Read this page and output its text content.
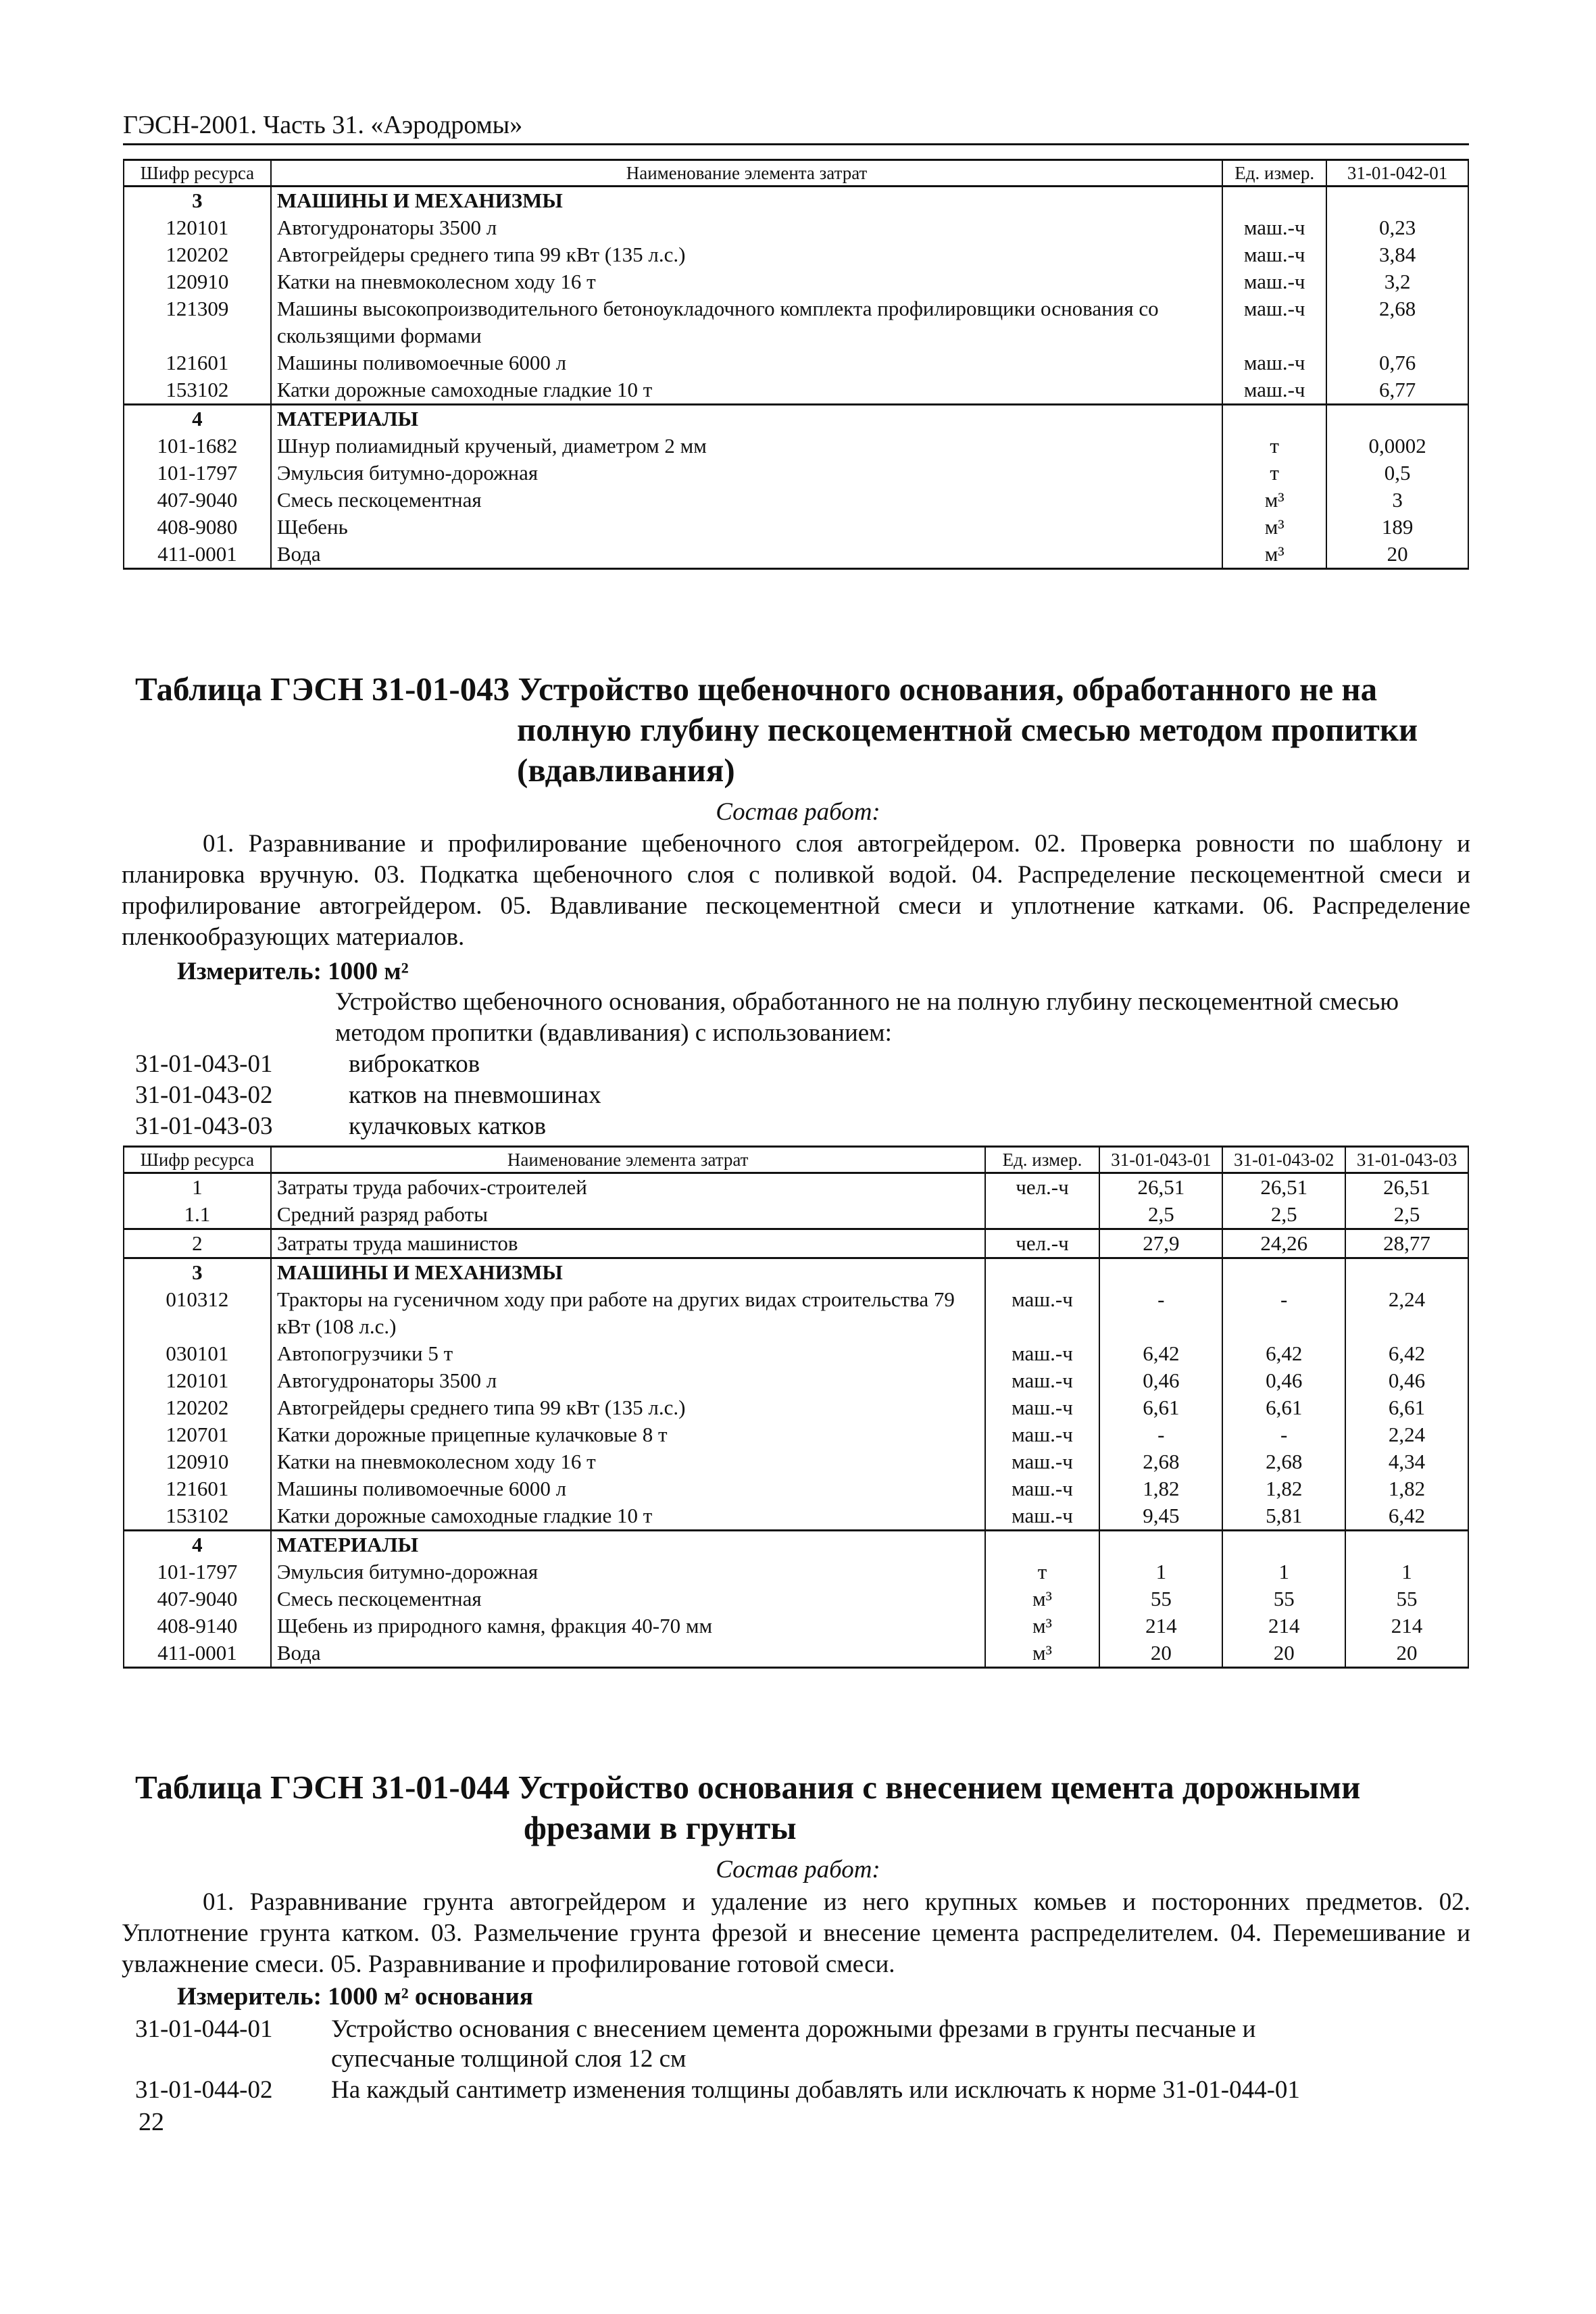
ГЭСН-2001. Часть 31. «Аэродромы»
Шифр ресурса	Наименование элемента затрат	Ед. измер.	31-01-042-01
3	МАШИНЫ И МЕХАНИЗМЫ		
120101	Автогудронаторы 3500 л	маш.-ч	0,23
120202	Автогрейдеры среднего типа 99 кВт (135 л.с.)	маш.-ч	3,84
120910	Катки на пневмоколесном ходу 16 т	маш.-ч	3,2
121309	Машины высокопроизводительного бетоноукладочного комплекта профилировщики основания со скользящими формами	маш.-ч	2,68
121601	Машины поливомоечные 6000 л	маш.-ч	0,76
153102	Катки дорожные самоходные гладкие 10 т	маш.-ч	6,77
4	МАТЕРИАЛЫ		
101-1682	Шнур полиамидный крученый, диаметром 2 мм	т	0,0002
101-1797	Эмульсия битумно-дорожная	т	0,5
407-9040	Смесь пескоцементная	м³	3
408-9080	Щебень	м³	189
411-0001	Вода	м³	20
Таблица ГЭСН 31-01-043 Устройство щебеночного основания, обработанного не на
полную глубину пескоцементной смесью методом пропитки
(вдавливания)
Состав работ:
01. Разравнивание и профилирование щебеночного слоя автогрейдером. 02. Проверка ровности по шаблону и планировка вручную. 03. Подкатка щебеночного слоя с поливкой водой. 04. Распределение пескоцементной смеси и профилирование автогрейдером. 05. Вдавливание пескоцементной смеси и уплотнение катками. 06. Распределение пленкообразующих материалов.
Измеритель: 1000 м²
Устройство щебеночного основания, обработанного не на полную глубину пескоцементной смесью методом пропитки (вдавливания) с использованием:
31-01-043-01	виброкатков
31-01-043-02	катков на пневмошинах
31-01-043-03	кулачковых катков
Шифр ресурса	Наименование элемента затрат	Ед. измер.	31-01-043-01	31-01-043-02	31-01-043-03
1	Затраты труда рабочих-строителей	чел.-ч	26,51	26,51	26,51
1.1	Средний разряд работы		2,5	2,5	2,5
2	Затраты труда машинистов	чел.-ч	27,9	24,26	28,77
3	МАШИНЫ И МЕХАНИЗМЫ				
010312	Тракторы на гусеничном ходу при работе на других видах строительства 79 кВт (108 л.с.)	маш.-ч	-	-	2,24
030101	Автопогрузчики 5 т	маш.-ч	6,42	6,42	6,42
120101	Автогудронаторы 3500 л	маш.-ч	0,46	0,46	0,46
120202	Автогрейдеры среднего типа 99 кВт (135 л.с.)	маш.-ч	6,61	6,61	6,61
120701	Катки дорожные прицепные кулачковые 8 т	маш.-ч	-	-	2,24
120910	Катки на пневмоколесном ходу 16 т	маш.-ч	2,68	2,68	4,34
121601	Машины поливомоечные 6000 л	маш.-ч	1,82	1,82	1,82
153102	Катки дорожные самоходные гладкие 10 т	маш.-ч	9,45	5,81	6,42
4	МАТЕРИАЛЫ				
101-1797	Эмульсия битумно-дорожная	т	1	1	1
407-9040	Смесь пескоцементная	м³	55	55	55
408-9140	Щебень из природного камня, фракция 40-70 мм	м³	214	214	214
411-0001	Вода	м³	20	20	20
Таблица ГЭСН 31-01-044 Устройство основания с внесением цемента дорожными
фрезами в грунты
Состав работ:
01. Разравнивание грунта автогрейдером и удаление из него крупных комьев и посторонних предметов. 02. Уплотнение грунта катком. 03. Размельчение грунта фрезой и внесение цемента распределителем. 04. Перемешивание и увлажнение смеси. 05. Разравнивание и профилирование готовой смеси.
Измеритель: 1000 м² основания
31-01-044-01 Устройство основания с внесением цемента дорожными фрезами в грунты песчаные и
супесчаные толщиной слоя 12 см
31-01-044-02 На каждый сантиметр изменения толщины добавлять или исключать к норме 31-01-044-01
22
